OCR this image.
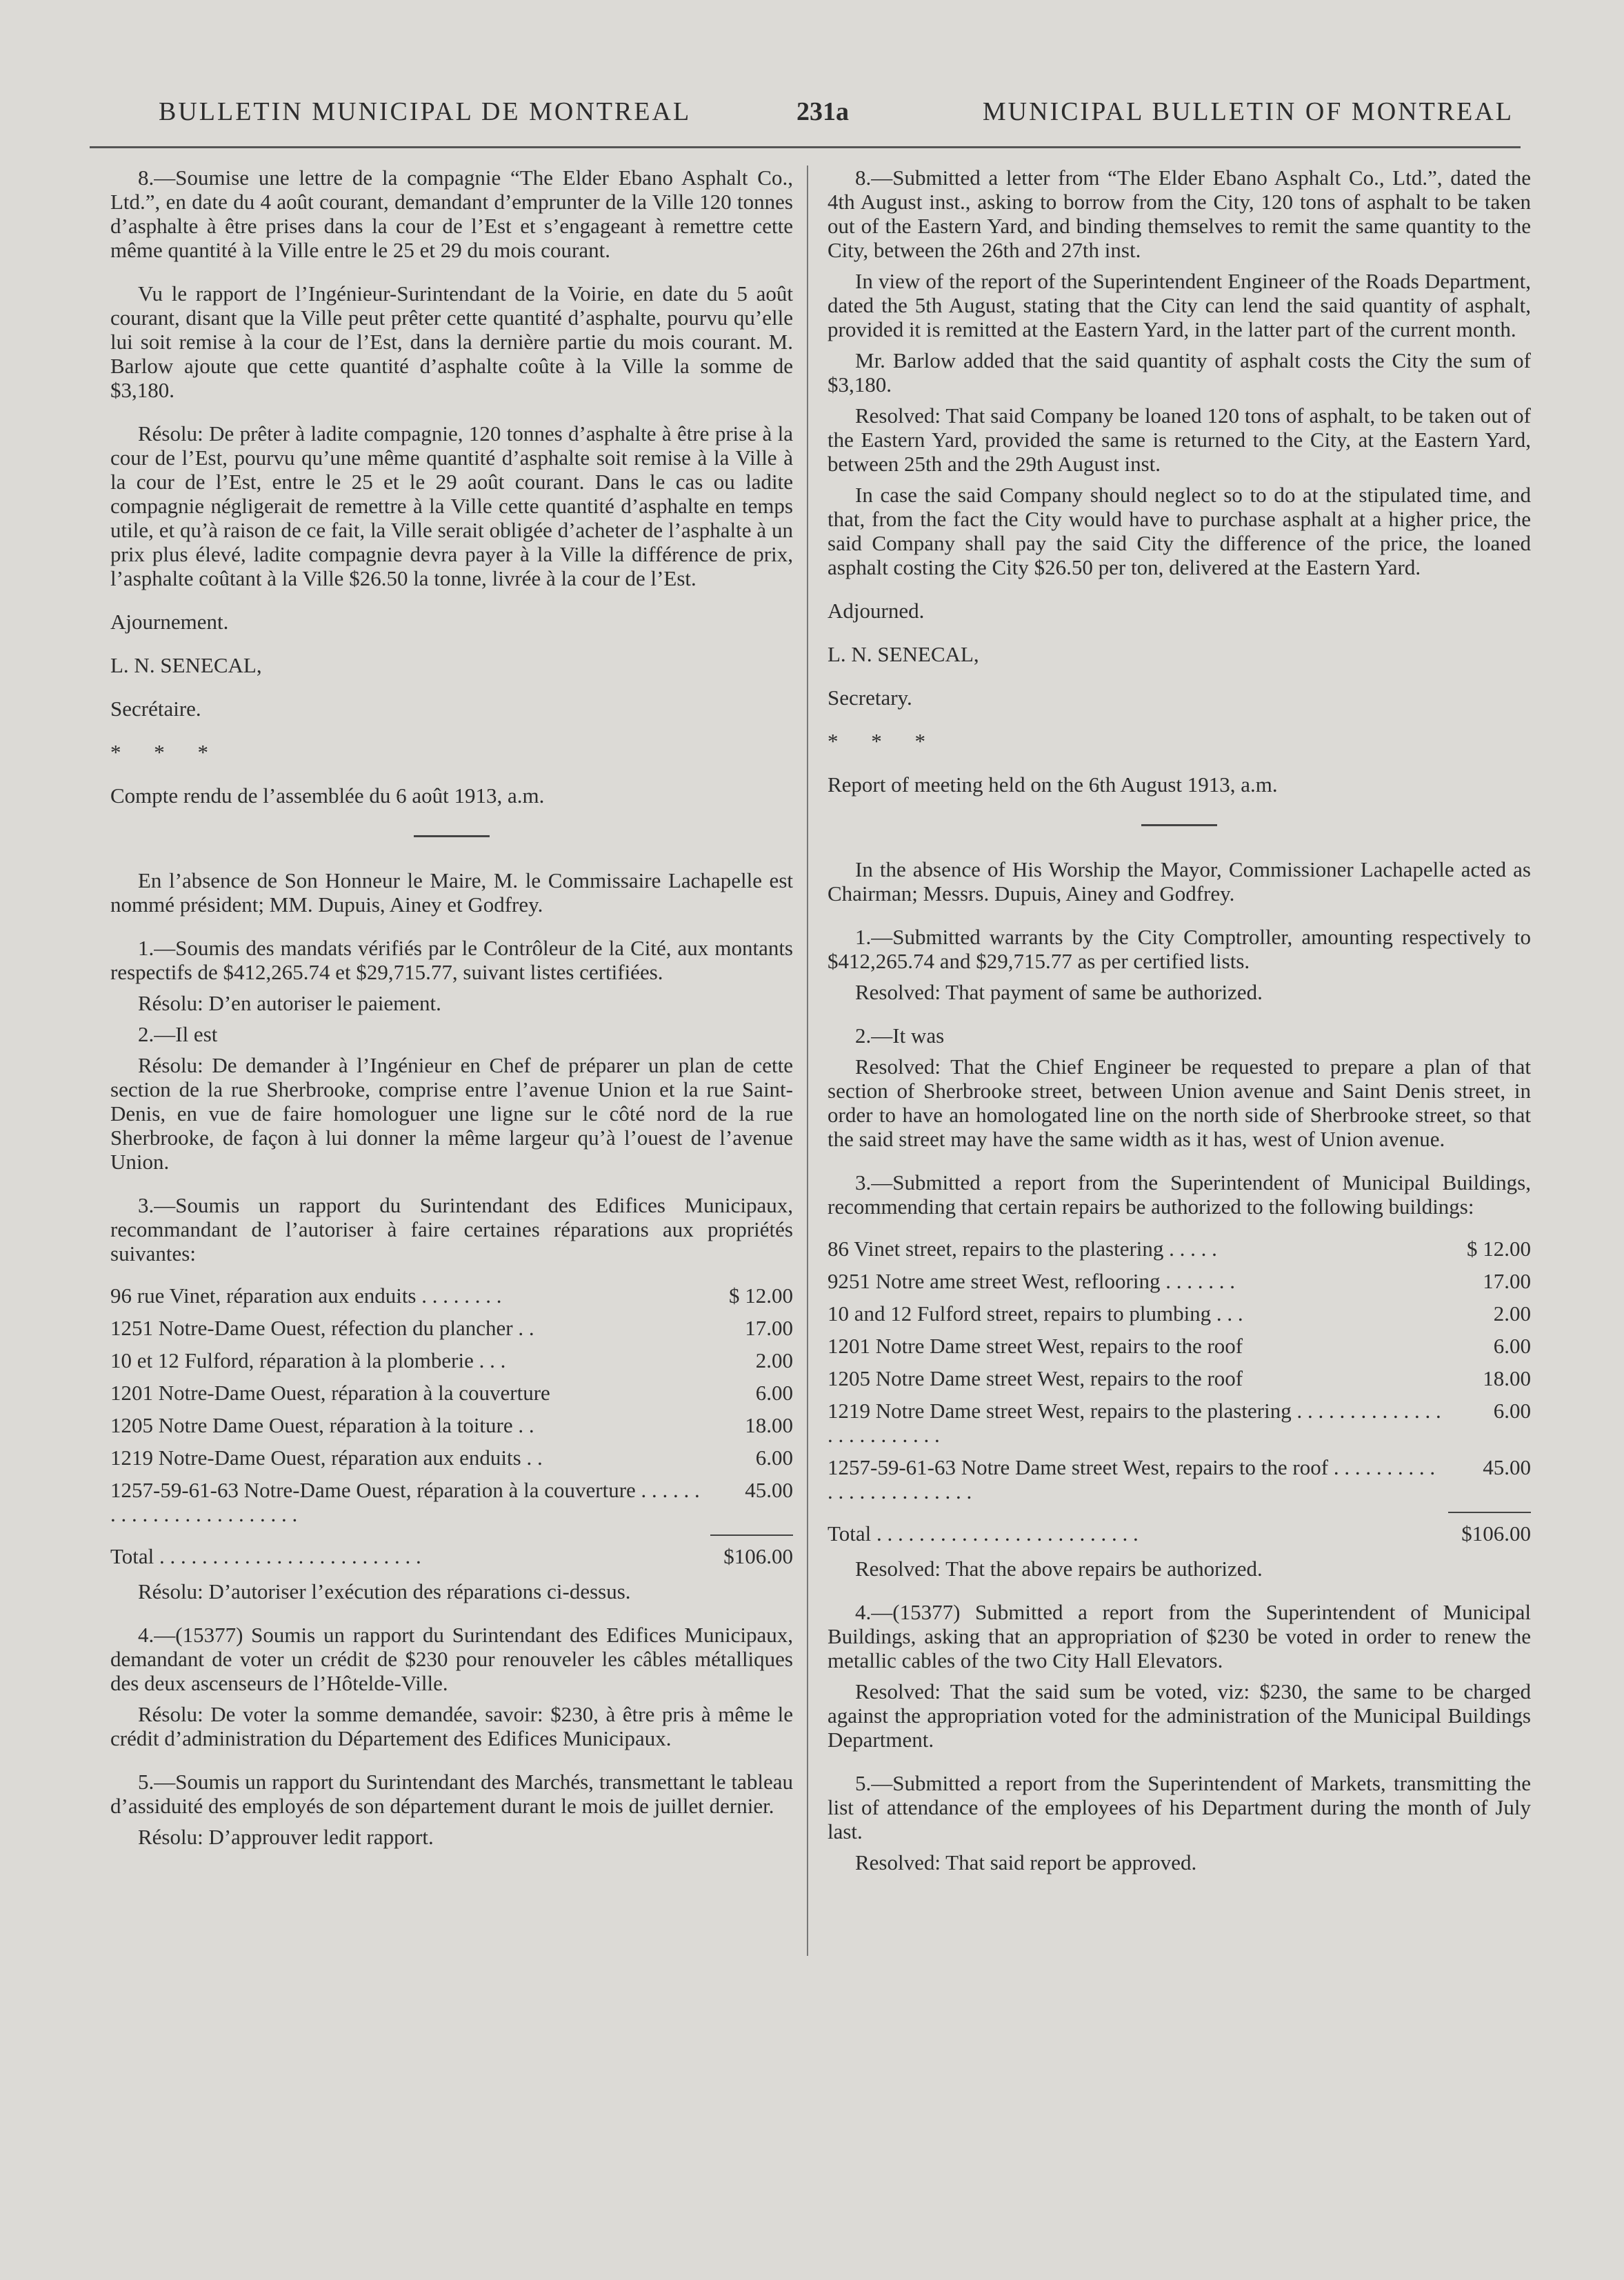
BULLETIN MUNICIPAL DE MONTREAL	231a	MUNICIPAL BULLETIN OF MONTREAL

8.—Soumise une lettre de la compagnie “The Elder Ebano Asphalt Co., Ltd.”, en date du 4 août courant, demandant d’emprunter de la Ville 120 tonnes d’asphalte à être prises dans la cour de l’Est et s’engageant à remettre cette même quantité à la Ville entre le 25 et 29 du mois courant.

Vu le rapport de l’Ingénieur-Surintendant de la Voirie, en date du 5 août courant, disant que la Ville peut prêter cette quantité d’asphalte, pourvu qu’elle lui soit remise à la cour de l’Est, dans la dernière partie du mois courant. M. Barlow ajoute que cette quantité d’asphalte coûte à la Ville la somme de $3,180.

Résolu: De prêter à ladite compagnie, 120 tonnes d’asphalte à être prise à la cour de l’Est, pourvu qu’une même quantité d’asphalte soit remise à la Ville à la cour de l’Est, entre le 25 et le 29 août courant. Dans le cas ou ladite compagnie négligerait de remettre à la Ville cette quantité d’asphalte en temps utile, et qu’à raison de ce fait, la Ville serait obligée d’acheter de l’asphalte à un prix plus élevé, ladite compagnie devra payer à la Ville la différence de prix, l’asphalte coûtant à la Ville $26.50 la tonne, livrée à la cour de l’Est.

Ajournement.

L. N. SENECAL,

Secrétaire.

* * *

Compte rendu de l’assemblée du 6 août 1913, a.m.

En l’absence de Son Honneur le Maire, M. le Commissaire Lachapelle est nommé président; MM. Dupuis, Ainey et Godfrey.

1.—Soumis des mandats vérifiés par le Contrôleur de la Cité, aux montants respectifs de $412,265.74 et $29,715.77, suivant listes certifiées.

Résolu: D’en autoriser le paiement.

2.—Il est

Résolu: De demander à l’Ingénieur en Chef de préparer un plan de cette section de la rue Sherbrooke, comprise entre l’avenue Union et la rue Saint-Denis, en vue de faire homologuer une ligne sur le côté nord de la rue Sherbrooke, de façon à lui donner la même largeur qu’à l’ouest de l’avenue Union.

3.—Soumis un rapport du Surintendant des Edifices Municipaux, recommandant de l’autoriser à faire certaines réparations aux propriétés suivantes:

96 rue Vinet, réparation aux enduits . . . . . . . .	$ 12.00
1251 Notre-Dame Ouest, réfection du plancher . .	17.00
10 et 12 Fulford, réparation à la plomberie . . .	2.00
1201 Notre-Dame Ouest, réparation à la couverture	6.00
1205 Notre Dame Ouest, réparation à la toiture . .	18.00
1219 Notre-Dame Ouest, réparation aux enduits . .	6.00
1257-59-61-63 Notre-Dame Ouest, réparation à la couverture . . . . . . . . . . . . . . . . . . . . . . . .	45.00

Total . . . . . . . . . . . . . . . . . . . . . . . . .	$106.00

Résolu: D’autoriser l’exécution des réparations ci-dessus.

4.—(15377) Soumis un rapport du Surintendant des Edifices Municipaux, demandant de voter un crédit de $230 pour renouveler les câbles métalliques des deux ascenseurs de l’Hôtelde-Ville.

Résolu: De voter la somme demandée, savoir: $230, à être pris à même le crédit d’administration du Département des Edifices Municipaux.

5.—Soumis un rapport du Surintendant des Marchés, transmettant le tableau d’assiduité des employés de son département durant le mois de juillet dernier.

Résolu: D’approuver ledit rapport.

8.—Submitted a letter from “The Elder Ebano Asphalt Co., Ltd.”, dated the 4th August inst., asking to borrow from the City, 120 tons of asphalt to be taken out of the Eastern Yard, and binding themselves to remit the same quantity to the City, between the 26th and 27th inst.

In view of the report of the Superintendent Engineer of the Roads Department, dated the 5th August, stating that the City can lend the said quantity of asphalt, provided it is remitted at the Eastern Yard, in the latter part of the current month.

Mr. Barlow added that the said quantity of asphalt costs the City the sum of $3,180.

Resolved: That said Company be loaned 120 tons of asphalt, to be taken out of the Eastern Yard, provided the same is returned to the City, at the Eastern Yard, between 25th and the 29th August inst.

In case the said Company should neglect so to do at the stipulated time, and that, from the fact the City would have to purchase asphalt at a higher price, the said Company shall pay the said City the difference of the price, the loaned asphalt costing the City $26.50 per ton, delivered at the Eastern Yard.

Adjourned.

L. N. SENECAL,

Secretary.

* * *

Report of meeting held on the 6th August 1913, a.m.

In the absence of His Worship the Mayor, Commissioner Lachapelle acted as Chairman; Messrs. Dupuis, Ainey and Godfrey.

1.—Submitted warrants by the City Comptroller, amounting respectively to $412,265.74 and $29,715.77 as per certified lists.

Resolved: That payment of same be authorized.

2.—It was

Resolved: That the Chief Engineer be requested to prepare a plan of that section of Sherbrooke street, between Union avenue and Saint Denis street, in order to have an homologated line on the north side of Sherbrooke street, so that the said street may have the same width as it has, west of Union avenue.

3.—Submitted a report from the Superintendent of Municipal Buildings, recommending that certain repairs be authorized to the following buildings:

86 Vinet street, repairs to the plastering . . . . .	$ 12.00
9251 Notre ame street West, reflooring . . . . . . .	17.00
10 and 12 Fulford street, repairs to plumbing . . .	2.00
1201 Notre Dame street West, repairs to the roof	6.00
1205 Notre Dame street West, repairs to the roof	18.00
1219 Notre Dame street West, repairs to the plastering . . . . . . . . . . . . . . . . . . . . . . . . .	6.00
1257-59-61-63 Notre Dame street West, repairs to the roof . . . . . . . . . . . . . . . . . . . . . . . .	45.00

Total . . . . . . . . . . . . . . . . . . . . . . . . .	$106.00

Resolved: That the above repairs be authorized.

4.—(15377) Submitted a report from the Superintendent of Municipal Buildings, asking that an appropriation of $230 be voted in order to renew the metallic cables of the two City Hall Elevators.

Resolved: That the said sum be voted, viz: $230, the same to be charged against the appropriation voted for the administration of the Municipal Buildings Department.

5.—Submitted a report from the Superintendent of Markets, transmitting the list of attendance of the employees of his Department during the month of July last.

Resolved: That said report be approved.
